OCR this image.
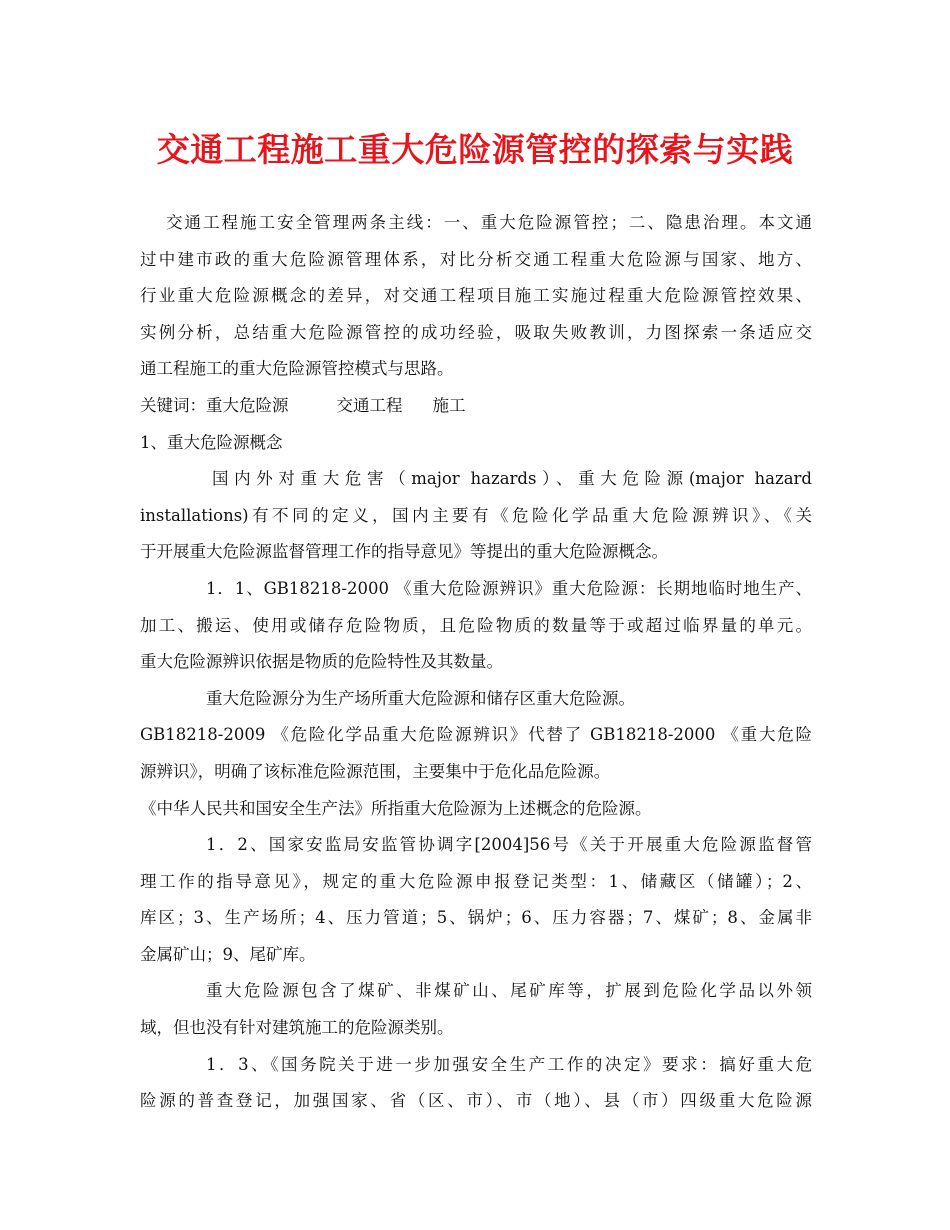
交通工程施工重大危险源管控的探索与实践
交通工程施工安全管理两条主线：一、重大危险源管控；二、隐患治理。本文通
过中建市政的重大危险源管理体系，对比分析交通工程重大危险源与国家、地方、
行业重大危险源概念的差异，对交通工程项目施工实施过程重大危险源管控效果、
实例分析，总结重大危险源管控的成功经验，吸取失败教训，力图探索一条适应交
通工程施工的重大危险源管控模式与思路。
关键词：重大危险源	交通工程 施工
1、重大危险源概念
国内外对重大危害（major hazards）、重大危险源(major hazard
installations)有不同的定义，国内主要有《危险化学品重大危险源辨识》、《关
于开展重大危险源监督管理工作的指导意见》等提出的重大危险源概念。
1．1、GB18218-2000 《重大危险源辨识》重大危险源：长期地临时地生产、
加工、搬运、使用或储存危险物质，且危险物质的数量等于或超过临界量的单元。
重大危险源辨识依据是物质的危险特性及其数量。
重大危险源分为生产场所重大危险源和储存区重大危险源。
GB18218-2009 《危险化学品重大危险源辨识》代替了 GB18218-2000 《重大危险
源辨识》，明确了该标准危险源范围，主要集中于危化品危险源。
《中华人民共和国安全生产法》所指重大危险源为上述概念的危险源。
1．2、国家安监局安监管协调字[2004]56号《关于开展重大危险源监督管
理工作的指导意见》，规定的重大危险源申报登记类型：1、储藏区（储罐）；2、
库区；3、生产场所；4、压力管道；5、锅炉；6、压力容器；7、煤矿；8、金属非
金属矿山；9、尾矿库。
重大危险源包含了煤矿、非煤矿山、尾矿库等，扩展到危险化学品以外领
域，但也没有针对建筑施工的危险源类别。
1．3、《国务院关于进一步加强安全生产工作的决定》要求：搞好重大危
险源的普查登记，加强国家、省（区、市）、市（地）、县（市）四级重大危险源
